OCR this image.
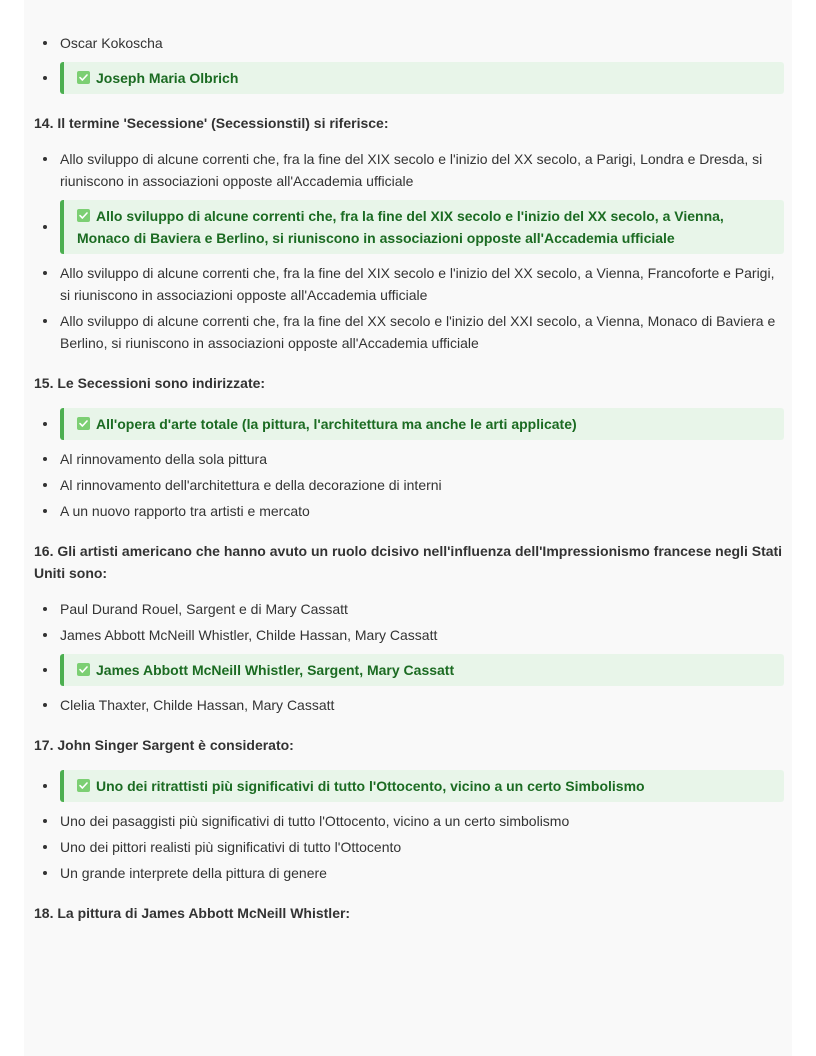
Oscar Kokoscha
Joseph Maria Olbrich
14. Il termine 'Secessione' (Secessionstil) si riferisce:
Allo sviluppo di alcune correnti che, fra la fine del XIX secolo e l'inizio del XX secolo, a Parigi, Londra e Dresda, si riuniscono in associazioni opposte all'Accademia ufficiale
Allo sviluppo di alcune correnti che, fra la fine del XIX secolo e l'inizio del XX secolo, a Vienna, Monaco di Baviera e Berlino, si riuniscono in associazioni opposte all'Accademia ufficiale
Allo sviluppo di alcune correnti che, fra la fine del XIX secolo e l'inizio del XX secolo, a Vienna, Francoforte e Parigi, si riuniscono in associazioni opposte all'Accademia ufficiale
Allo sviluppo di alcune correnti che, fra la fine del XX secolo e l'inizio del XXI secolo, a Vienna, Monaco di Baviera e Berlino, si riuniscono in associazioni opposte all'Accademia ufficiale
15. Le Secessioni sono indirizzate:
All'opera d'arte totale (la pittura, l'architettura ma anche le arti applicate)
Al rinnovamento della sola pittura
Al rinnovamento dell'architettura e della decorazione di interni
A un nuovo rapporto tra artisti e mercato
16. Gli artisti americano che hanno avuto un ruolo dcisivo nell'influenza dell'Impressionismo francese negli Stati Uniti sono:
Paul Durand Rouel, Sargent e di Mary Cassatt
James Abbott McNeill Whistler, Childe Hassan, Mary Cassatt
James Abbott McNeill Whistler, Sargent, Mary Cassatt
Clelia Thaxter, Childe Hassan, Mary Cassatt
17. John Singer Sargent è considerato:
Uno dei ritrattisti più significativi di tutto l'Ottocento, vicino a un certo Simbolismo
Uno dei pasaggisti più significativi di tutto l'Ottocento, vicino a un certo simbolismo
Uno dei pittori realisti più significativi di tutto l'Ottocento
Un grande interprete della pittura di genere
18. La pittura di James Abbott McNeill Whistler:
